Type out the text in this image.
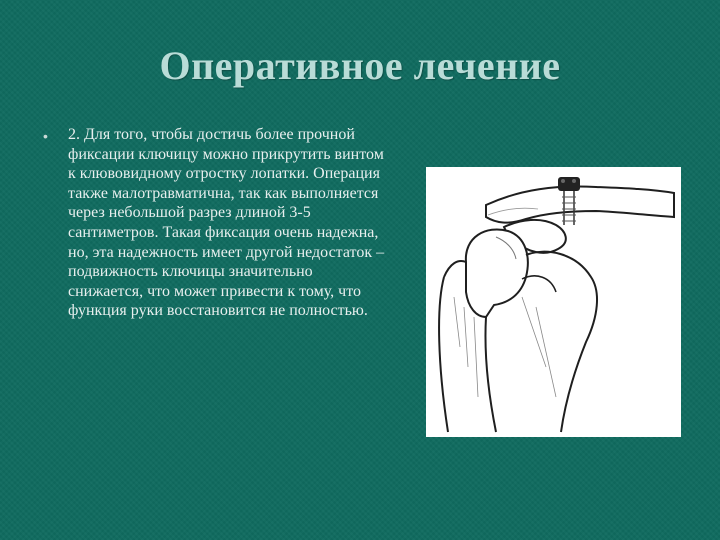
Оперативное лечение
• 2. Для того, чтобы достичь более прочной фиксации ключицу можно прикрутить винтом к клювовидному отростку лопатки. Операция также малотравматична, так как выполняется через небольшой разрез длиной 3-5 сантиметров. Такая фиксация очень надежна, но, эта надежность имеет другой недостаток – подвижность ключицы значительно снижается, что может привести к тому, что функция руки восстановится не полностью.
